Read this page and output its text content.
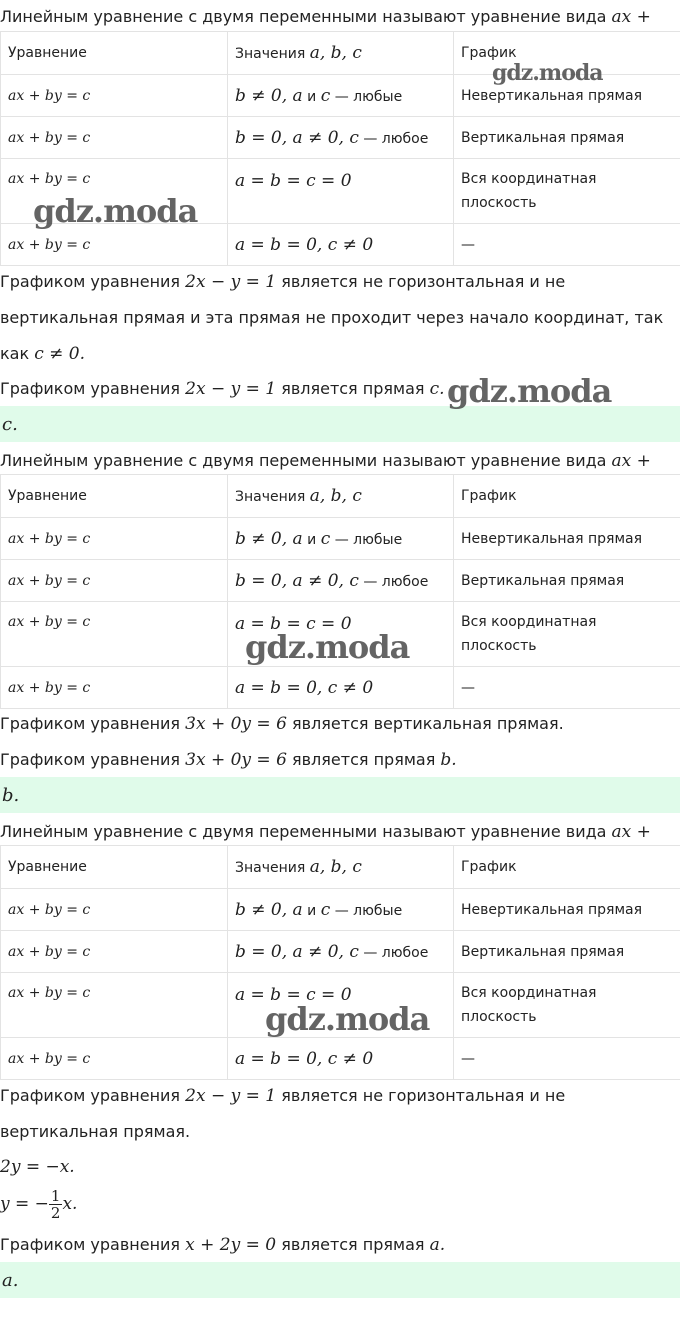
Линейным уравнение с двумя переменными называют уравнение вида ax +
Уравнение	Значения a, b, c	График
ax + by = c	b ≠ 0, a и c — любые	Невертикальная прямая
ax + by = c	b = 0, a ≠ 0, c — любое	Вертикальная прямая
ax + by = c	a = b = c = 0	Вся координатная
плоскость
ax + by = c	a = b = 0, c ≠ 0	—
Графиком уравнения 2x − y = 1 является не горизонтальная и не
вертикальная прямая и эта прямая не проходит через начало координат, так
как c ≠ 0.
Графиком уравнения 2x − y = 1 является прямая c.
c.
Линейным уравнение с двумя переменными называют уравнение вида ax +
Уравнение	Значения a, b, c	График
ax + by = c	b ≠ 0, a и c — любые	Невертикальная прямая
ax + by = c	b = 0, a ≠ 0, c — любое	Вертикальная прямая
ax + by = c	a = b = c = 0	Вся координатная
плоскость
ax + by = c	a = b = 0, c ≠ 0	—
Графиком уравнения 3x + 0y = 6 является вертикальная прямая.
Графиком уравнения 3x + 0y = 6 является прямая b.
b.
Линейным уравнение с двумя переменными называют уравнение вида ax +
Уравнение	Значения a, b, c	График
ax + by = c	b ≠ 0, a и c — любые	Невертикальная прямая
ax + by = c	b = 0, a ≠ 0, c — любое	Вертикальная прямая
ax + by = c	a = b = c = 0	Вся координатная
плоскость
ax + by = c	a = b = 0, c ≠ 0	—
Графиком уравнения 2x − y = 1 является не горизонтальная и не
вертикальная прямая.
2y = −x.
y = − $\frac{1}{2} x$.
Графиком уравнения x + 2y = 0 является прямая a.
a.
gdz.moda
gdz.moda
gdz.moda
gdz.moda
gdz.moda
